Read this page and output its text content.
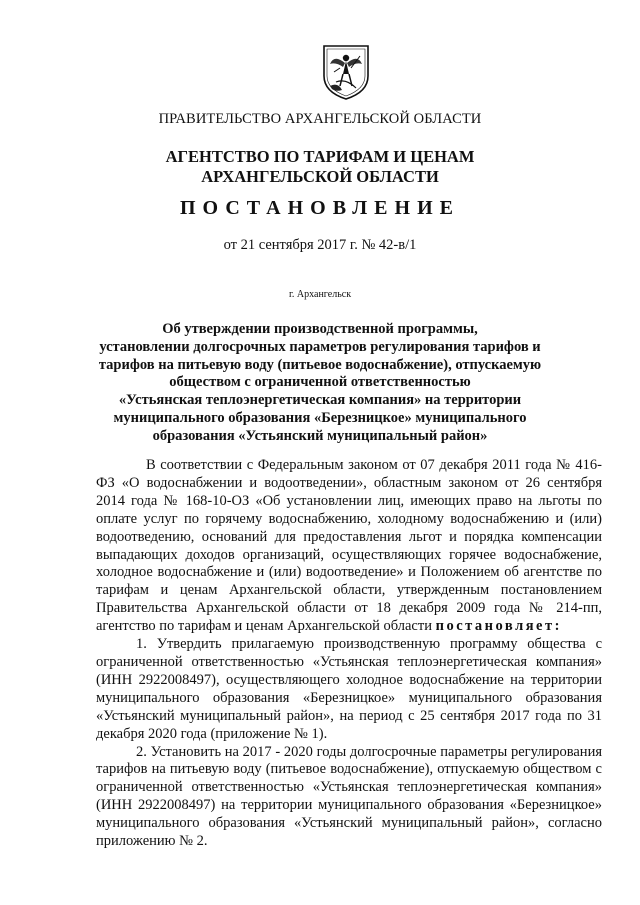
ПРАВИТЕЛЬСТВО АРХАНГЕЛЬСКОЙ ОБЛАСТИ
АГЕНТСТВО ПО ТАРИФАМ И ЦЕНАМ
АРХАНГЕЛЬСКОЙ ОБЛАСТИ
ПОСТАНОВЛЕНИЕ
от 21 сентября 2017 г. № 42-в/1
г. Архангельск
Об утверждении производственной программы,
установлении долгосрочных параметров регулирования тарифов и
тарифов на питьевую воду (питьевое водоснабжение), отпускаемую
обществом с ограниченной ответственностью
«Устьянская теплоэнергетическая компания» на территории
муниципального образования «Березницкое» муниципального
образования «Устьянский муниципальный район»

В соответствии с Федеральным законом от 07 декабря 2011 года № 416-ФЗ «О водоснабжении и водоотведении», областным законом от 26 сентября 2014 года № 168-10-ОЗ «Об установлении лиц, имеющих право на льготы по оплате услуг по горячему водоснабжению, холодному водоснабжению и (или) водоотведению, оснований для предоставления льгот и порядка компенсации выпадающих доходов организаций, осуществляющих горячее водоснабжение, холодное водоснабжение и (или) водоотведение» и Положением об агентстве по тарифам и ценам Архангельской области, утвержденным постановлением Правительства Архангельской области от 18 декабря 2009 года № 214-пп, агентство по тарифам и ценам Архангельской области постановляет:

1. Утвердить прилагаемую производственную программу общества с ограниченной ответственностью «Устьянская теплоэнергетическая компания» (ИНН 2922008497), осуществляющего холодное водоснабжение на территории муниципального образования «Березницкое» муниципального образования «Устьянский муниципальный район», на период с 25 сентября 2017 года по 31 декабря 2020 года (приложение № 1).

2. Установить на 2017 - 2020 годы долгосрочные параметры регулирования тарифов на питьевую воду (питьевое водоснабжение), отпускаемую обществом с ограниченной ответственностью «Устьянская теплоэнергетическая компания» (ИНН 2922008497) на территории муниципального образования «Березницкое» муниципального образования «Устьянский муниципальный район», согласно приложению № 2.
